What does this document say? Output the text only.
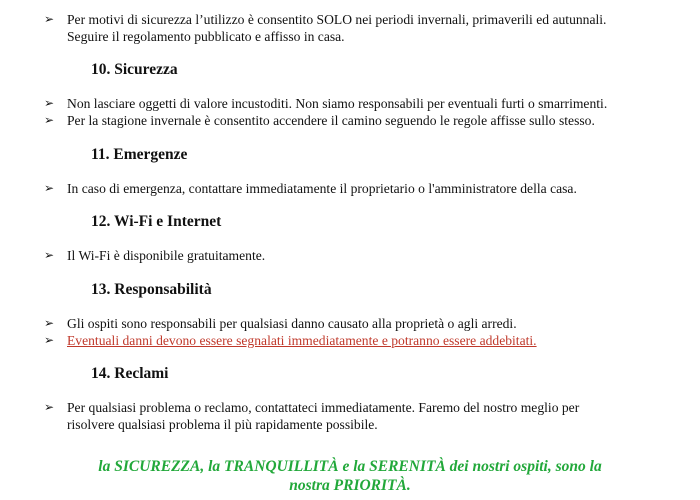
➢ Per motivi di sicurezza l’utilizzo è consentito SOLO nei periodi invernali, primaverili ed autunnali.
Seguire il regolamento pubblicato e affisso in casa.
10. Sicurezza
➢ Non lasciare oggetti di valore incustoditi. Non siamo responsabili per eventuali furti o smarrimenti.
➢ Per la stagione invernale è consentito accendere il camino seguendo le regole affisse sullo stesso.
11. Emergenze
➢ In caso di emergenza, contattare immediatamente il proprietario o l'amministratore della casa.
12. Wi-Fi e Internet
➢ Il Wi-Fi è disponibile gratuitamente.
13. Responsabilità
➢ Gli ospiti sono responsabili per qualsiasi danno causato alla proprietà o agli arredi.
➢ Eventuali danni devono essere segnalati immediatamente e potranno essere addebitati.
14. Reclami
➢ Per qualsiasi problema o reclamo, contattateci immediatamente. Faremo del nostro meglio per
risolvere qualsiasi problema il più rapidamente possibile.
la SICUREZZA, la TRANQUILLITÀ e la SERENITÀ dei nostri ospiti, sono la
nostra PRIORITÀ.
